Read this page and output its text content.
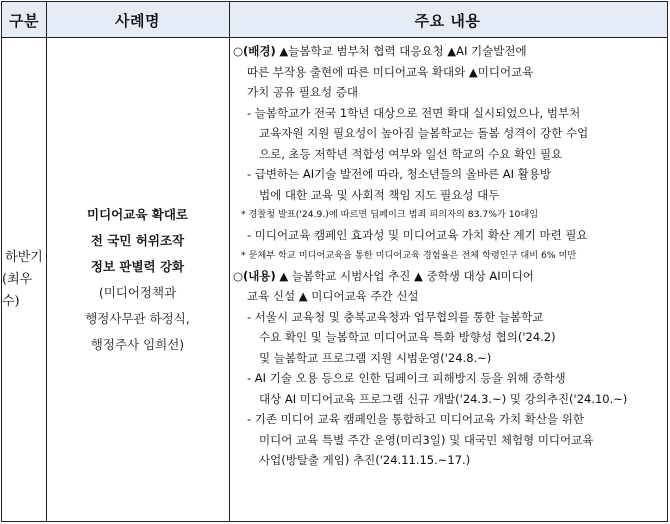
구분	사례명	주요 내용
하반기
(최우수)
미디어교육 확대로
전 국민 허위조작
정보 판별력 강화
(미디어정책과
행정사무관 하정식,
행정주사 임희선)

○(배경) ▲늘봄학교 범부처 협력 대응요청 ▲AI 기술발전에

따른 부작용 출현에 따른 미디어교육 확대와 ▲미디어교육

가치 공유 필요성 증대

- 늘봄학교가 전국 1학년 대상으로 전면 확대 실시되었으나, 범부처

교육자원 지원 필요성이 높아짐 늘봄학교는 돌봄 성격이 강한 수업

으로, 초등 저학년 적합성 여부와 일선 학교의 수요 확인 필요

- 급변하는 AI기술 발전에 따라, 청소년들의 올바른 AI 활용방

법에 대한 교육 및 사회적 책임 지도 필요성 대두

* 경찰청 발표('24.9.)에 따르면 딥페이크 범죄 피의자의 83.7%가 10대임

- 미디어교육 캠페인 효과성 및 미디어교육 가치 확산 계기 마련 필요

* 문체부 학교 미디어교육을 통한 미디어교육 경험율은 전체 학령인구 대비 6% 미만

○(내용) ▲ 늘봄학교 시범사업 추진 ▲ 중학생 대상 AI미디어

교육 신설 ▲ 미디어교육 주간 신설

- 서울시 교육청 및 충북교육청과 업무협의를 통한 늘봄학교

수요 확인 및 늘봄학교 미디어교육 특화 방향성 협의('24.2)

및 늘봄학교 프로그램 지원 시범운영('24.8.~)

- AI 기술 오용 등으로 인한 딥페이크 피해방지 등을 위해 중학생

대상 AI 미디어교육 프로그램 신규 개발('24.3.~) 및 강의추진('24.10.~)

- 기존 미디어 교육 캠페인을 통합하고 미디어교육 가치 확산을 위한

미디어 교육 특별 주간 운영(미리3일) 및 대국민 체험형 미디어교육

사업(방탈출 게임) 추진('24.11.15.~17.)
